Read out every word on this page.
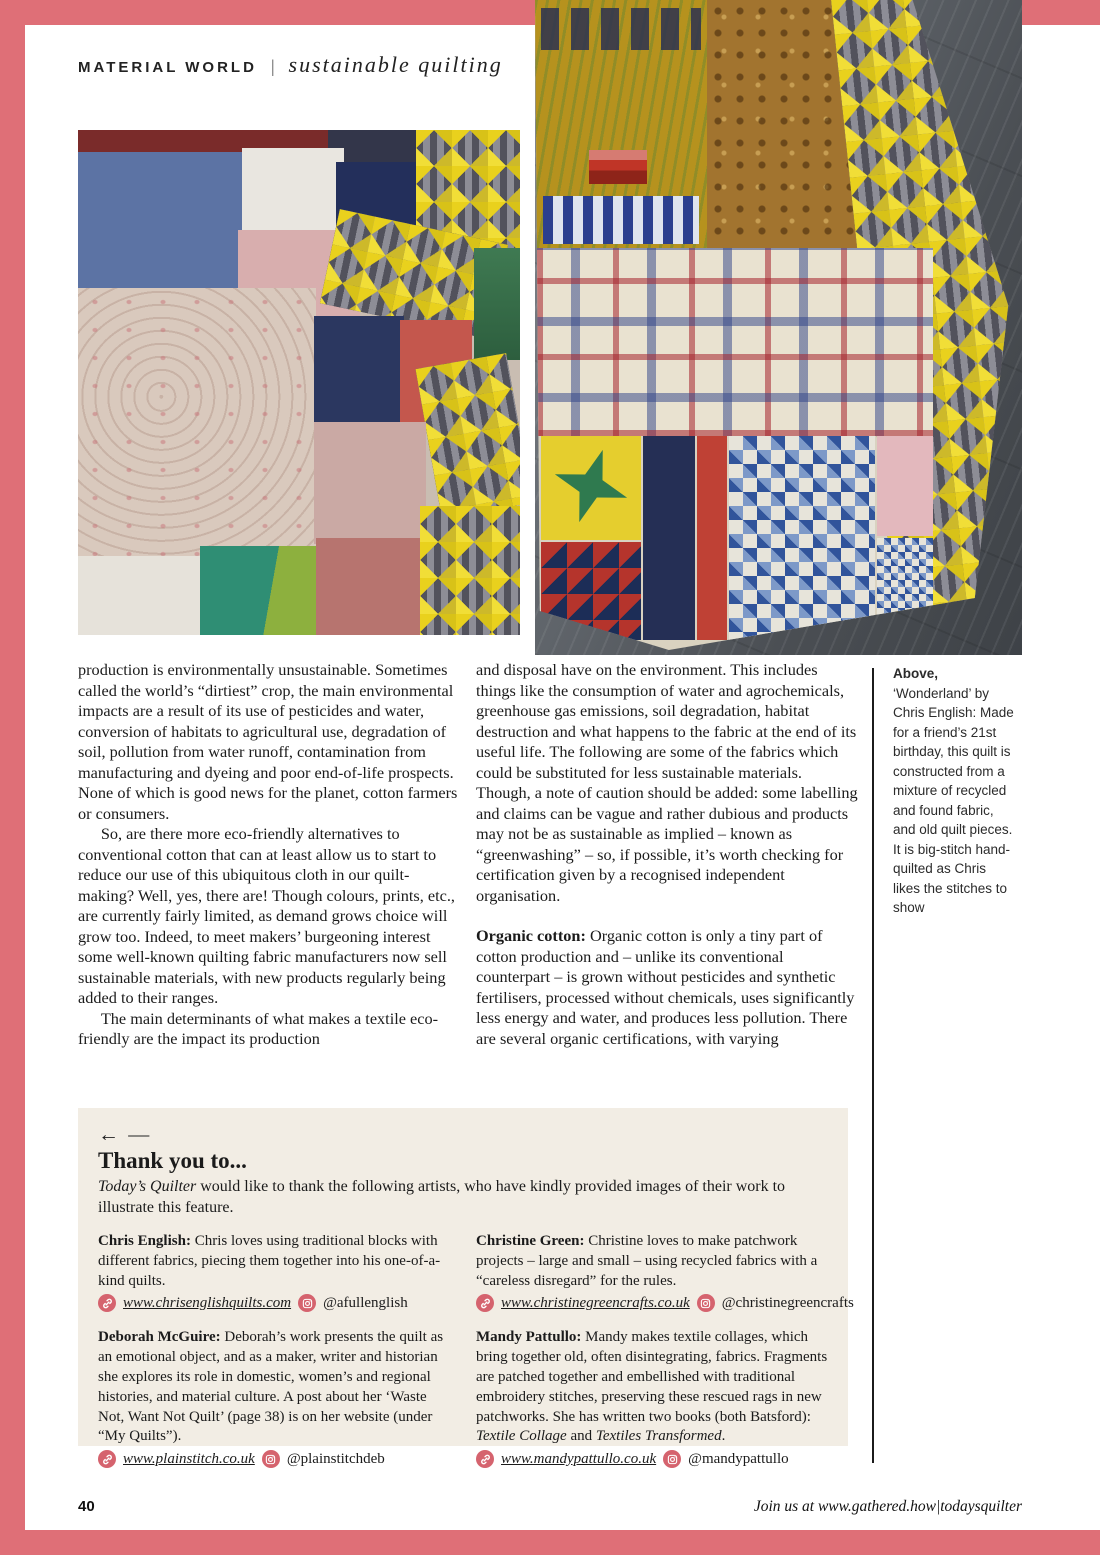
MATERIAL WORLD | sustainable quilting

production is environmentally unsustainable. Sometimes called the world’s “dirtiest” crop, the main environmental impacts are a result of its use of pesticides and water, conversion of habitats to agricultural use, degradation of soil, pollution from water runoff, contamination from manufacturing and dyeing and poor end-of-life prospects. None of which is good news for the planet, cotton farmers or consumers.

So, are there more eco-friendly alternatives to conventional cotton that can at least allow us to start to reduce our use of this ubiquitous cloth in our quilt-making? Well, yes, there are! Though colours, prints, etc., are currently fairly limited, as demand grows choice will grow too. Indeed, to meet makers’ burgeoning interest some well-known quilting fabric manufacturers now sell sustainable materials, with new products regularly being added to their ranges.

The main determinants of what makes a textile eco-friendly are the impact its production

and disposal have on the environment. This includes things like the consumption of water and agrochemicals, greenhouse gas emissions, soil degradation, habitat destruction and what happens to the fabric at the end of its useful life. The following are some of the fabrics which could be substituted for less sustainable materials. Though, a note of caution should be added: some labelling and claims can be vague and rather dubious and products may not be as sustainable as implied – known as “greenwashing” – so, if possible, it’s worth checking for certification given by a recognised independent organisation.

Organic cotton: Organic cotton is only a tiny part of cotton production and – unlike its conventional counterpart – is grown without pesticides and synthetic fertilisers, processed without chemicals, uses significantly less energy and water, and produces less pollution. There are several organic certifications, with varying

Above,
‘Wonderland’ by Chris English: Made for a friend’s 21st birthday, this quilt is constructed from a mixture of recycled and found fabric, and old quilt pieces. It is big-stitch hand-quilted as Chris likes the stitches to show
← —
Thank you to...

Today’s Quilter would like to thank the following artists, who have kindly provided images of their work to illustrate this feature.

Chris English: Chris loves using traditional blocks with different fabrics, piecing them together into his one-of-a-kind quilts.

www.chrisenglishquilts.com @afullenglish

Deborah McGuire: Deborah’s work presents the quilt as an emotional object, and as a maker, writer and historian she explores its role in domestic, women’s and regional histories, and material culture. A post about her ‘Waste Not, Want Not Quilt’ (page 38) is on her website (under “My Quilts”).

www.plainstitch.co.uk @plainstitchdeb

Christine Green: Christine loves to make patchwork projects – large and small – using recycled fabrics with a “careless disregard” for the rules.

www.christinegreencrafts.co.uk @christinegreencrafts

Mandy Pattullo: Mandy makes textile collages, which bring together old, often disintegrating, fabrics. Fragments are patched together and embellished with traditional embroidery stitches, preserving these rescued rags in new patchworks. She has written two books (both Batsford): Textile Collage and Textiles Transformed.

www.mandypattullo.co.uk @mandypattullo
40	Join us at www.gathered.how|todaysquilter
